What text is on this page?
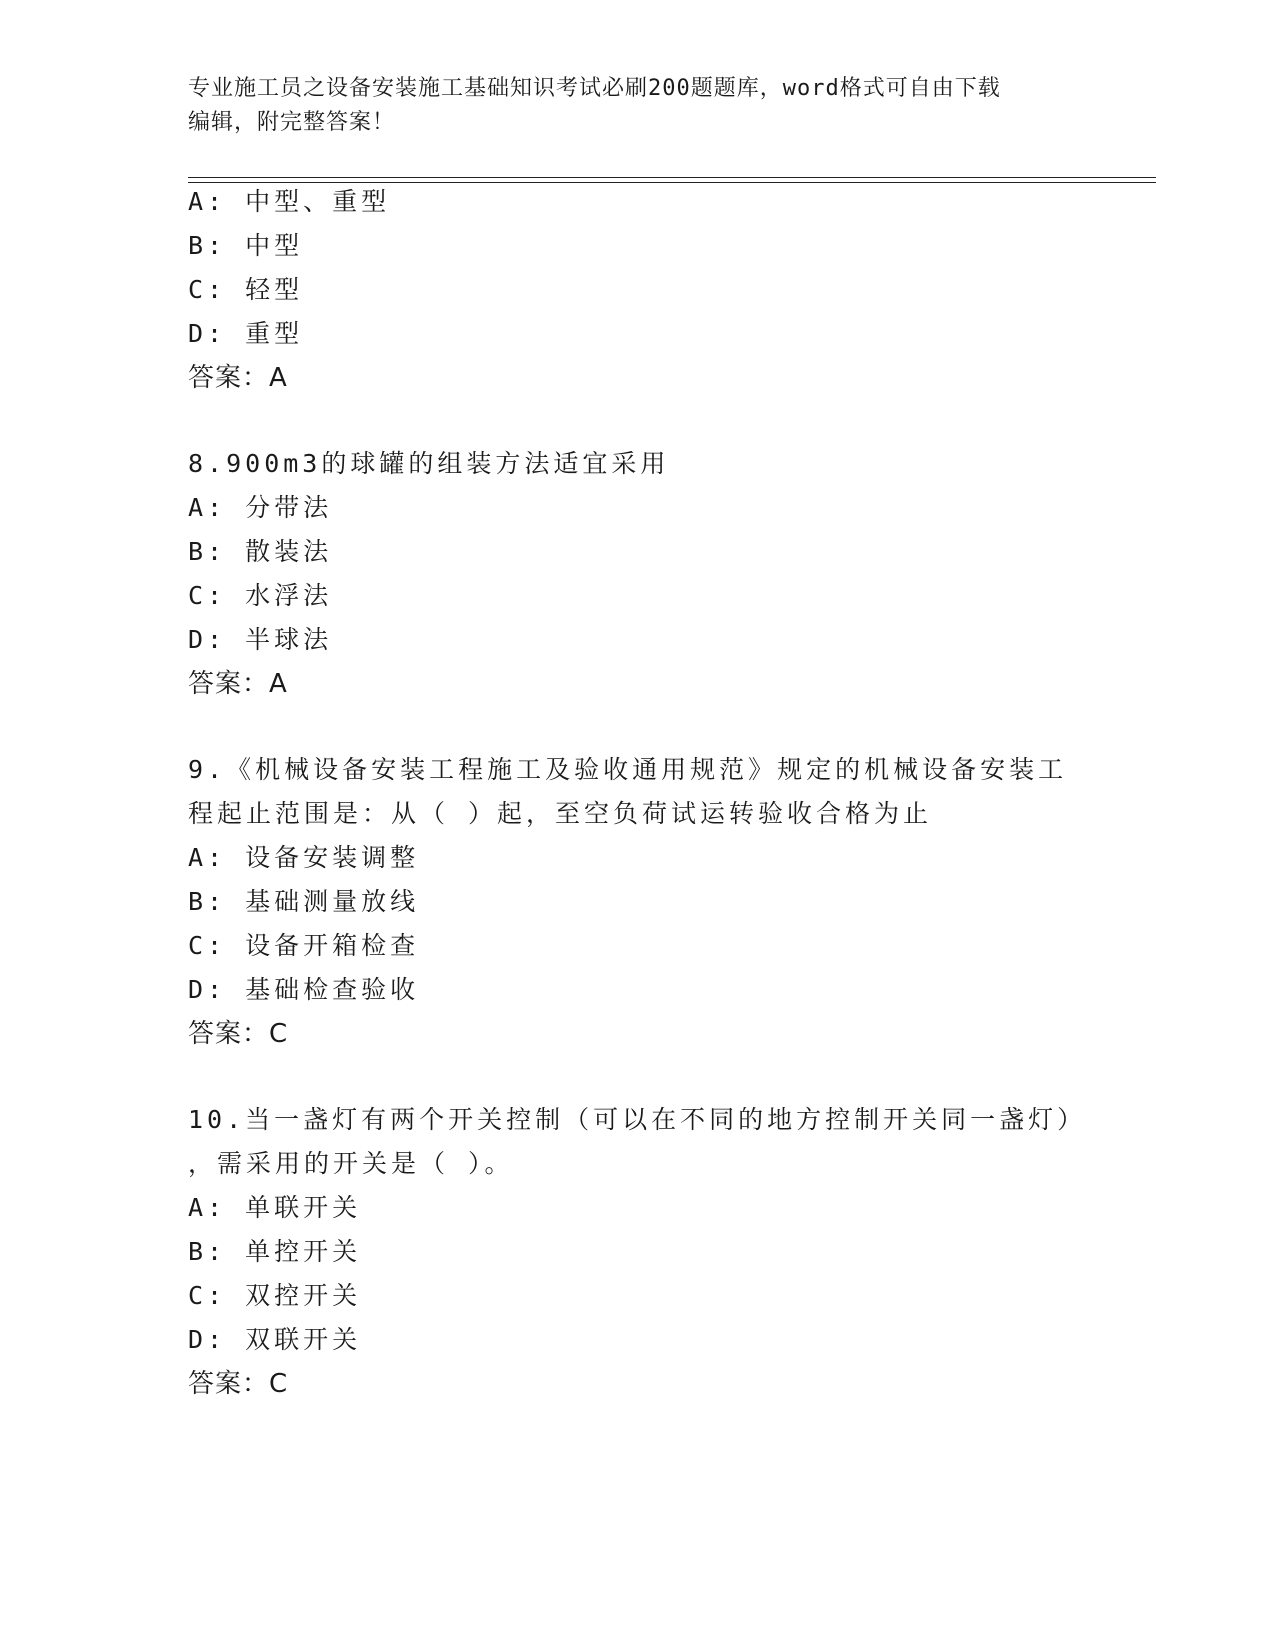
专业施工员之设备安装施工基础知识考试必刷200题题库，word格式可自由下载
编辑，附完整答案！
A: 中型、重型
B: 中型
C: 轻型
D: 重型
答案：A
8.900m3的球罐的组装方法适宜采用
A: 分带法
B: 散装法
C: 水浮法
D: 半球法
答案：A
9.《机械设备安装工程施工及验收通用规范》规定的机械设备安装工
程起止范围是：从（ ）起，至空负荷试运转验收合格为止
A: 设备安装调整
B: 基础测量放线
C: 设备开箱检查
D: 基础检查验收
答案：C
10.当一盏灯有两个开关控制（可以在不同的地方控制开关同一盏灯）
，需采用的开关是（ ）。
A: 单联开关
B: 单控开关
C: 双控开关
D: 双联开关
答案：C
